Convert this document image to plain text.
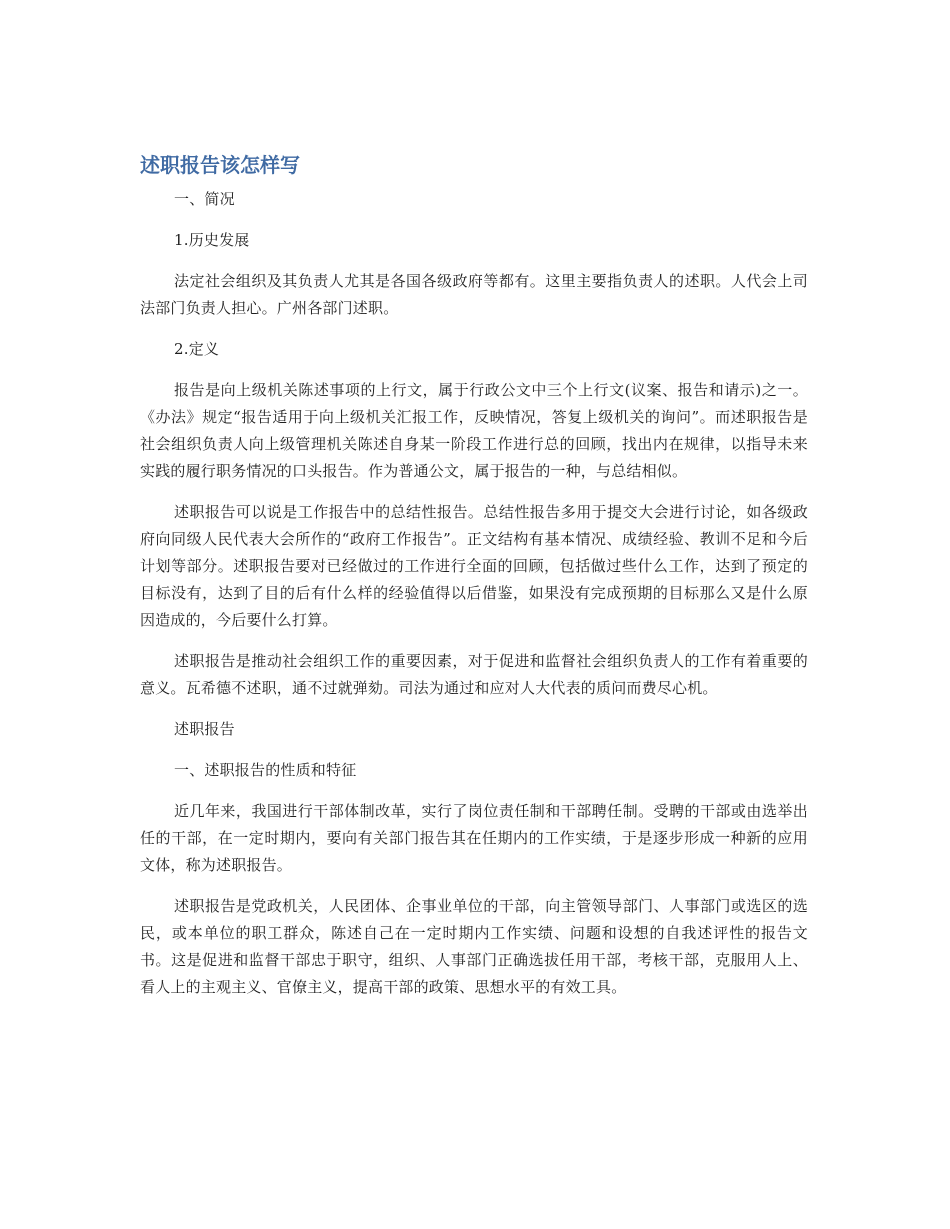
述职报告该怎样写

一、简况

1.历史发展

法定社会组织及其负责人尤其是各国各级政府等都有。这里主要指负责人的述职。人代会上司法部门负责人担心。广州各部门述职。

2.定义

报告是向上级机关陈述事项的上行文，属于行政公文中三个上行文(议案、报告和请示)之一。《办法》规定“报告适用于向上级机关汇报工作，反映情况，答复上级机关的询问”。而述职报告是社会组织负责人向上级管理机关陈述自身某一阶段工作进行总的回顾，找出内在规律，以指导未来实践的履行职务情况的口头报告。作为普通公文，属于报告的一种，与总结相似。

述职报告可以说是工作报告中的总结性报告。总结性报告多用于提交大会进行讨论，如各级政府向同级人民代表大会所作的“政府工作报告”。正文结构有基本情况、成绩经验、教训不足和今后计划等部分。述职报告要对已经做过的工作进行全面的回顾，包括做过些什么工作，达到了预定的目标没有，达到了目的后有什么样的经验值得以后借鉴，如果没有完成预期的目标那么又是什么原因造成的，今后要什么打算。

述职报告是推动社会组织工作的重要因素，对于促进和监督社会组织负责人的工作有着重要的意义。瓦希德不述职，通不过就弹劾。司法为通过和应对人大代表的质问而费尽心机。

述职报告

一、述职报告的性质和特征

近几年来，我国进行干部体制改革，实行了岗位责任制和干部聘任制。受聘的干部或由选举出任的干部，在一定时期内，要向有关部门报告其在任期内的工作实绩，于是逐步形成一种新的应用文体，称为述职报告。

述职报告是党政机关，人民团体、企事业单位的干部，向主管领导部门、人事部门或选区的选民，或本单位的职工群众，陈述自己在一定时期内工作实绩、问题和设想的自我述评性的报告文书。这是促进和监督干部忠于职守，组织、人事部门正确选拔任用干部，考核干部，克服用人上、看人上的主观主义、官僚主义，提高干部的政策、思想水平的有效工具。
